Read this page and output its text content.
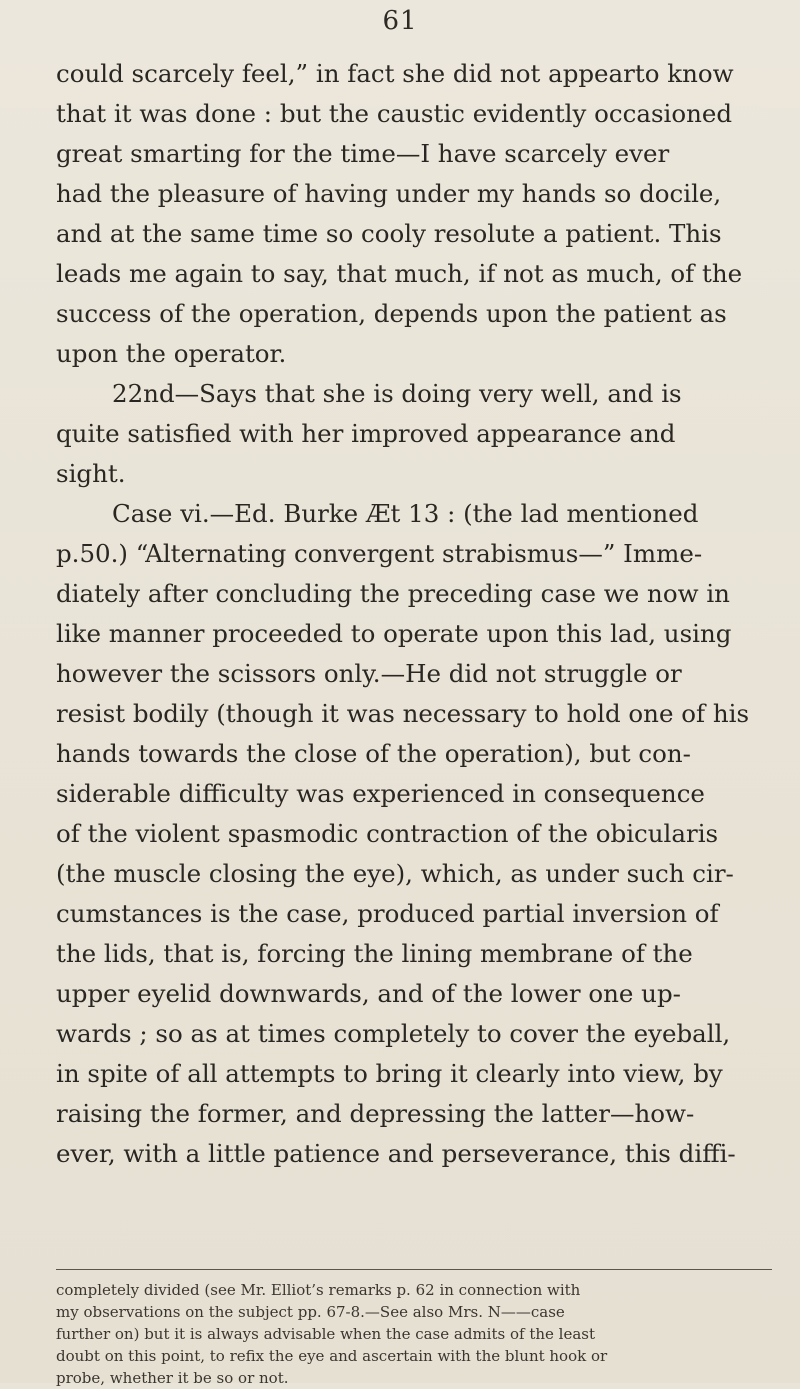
61
could scarcely feel,” in fact she did not appearto know
that it was done : but the caustic evidently occasioned
great smarting for the time—I have scarcely ever
had the pleasure of having under my hands so docile,
and at the same time so cooly resolute a patient. This
leads me again to say, that much, if not as much, of the
success of the operation, depends upon the patient as
upon the operator.
22nd—Says that she is doing very well, and is
quite satisfied with her improved appearance and
sight.
Case vi.—Ed. Burke Æt 13 : (the lad mentioned
p.50.) “Alternating convergent strabismus—” Imme-
diately after concluding the preceding case we now in
like manner proceeded to operate upon this lad, using
however the scissors only.—He did not struggle or
resist bodily (though it was necessary to hold one of his
hands towards the close of the operation), but con-
siderable difficulty was experienced in consequence
of the violent spasmodic contraction of the obicularis
(the muscle closing the eye), which, as under such cir-
cumstances is the case, produced partial inversion of
the lids, that is, forcing the lining membrane of the
upper eyelid downwards, and of the lower one up-
wards ; so as at times completely to cover the eyeball,
in spite of all attempts to bring it clearly into view, by
raising the former, and depressing the latter—how-
ever, with a little patience and perseverance, this diffi-
completely divided (see Mr. Elliot’s remarks p. 62 in connection with
my observations on the subject pp. 67-8.—See also Mrs. N——case
further on) but it is always advisable when the case admits of the least
doubt on this point, to refix the eye and ascertain with the blunt hook or
probe, whether it be so or not.
